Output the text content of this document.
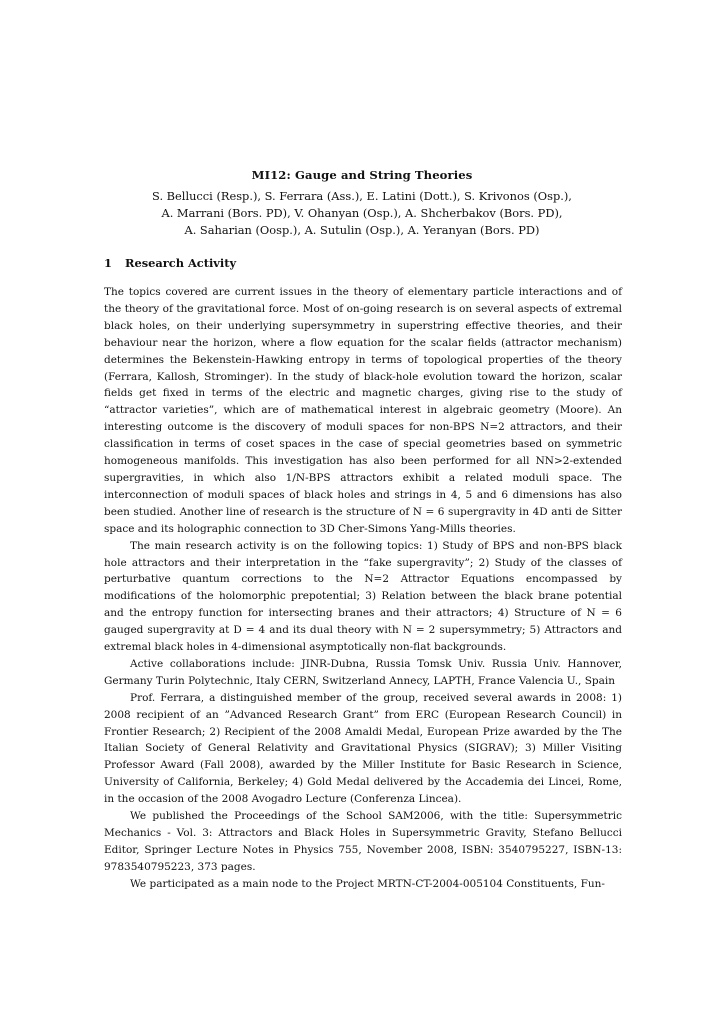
MI12: Gauge and String Theories
S. Bellucci (Resp.), S. Ferrara (Ass.), E. Latini (Dott.), S. Krivonos (Osp.),
A. Marrani (Bors. PD), V. Ohanyan (Osp.), A. Shcherbakov (Bors. PD),
A. Saharian (Oosp.), A. Sutulin (Osp.), A. Yeranyan (Bors. PD)
1 Research Activity

The topics covered are current issues in the theory of elementary particle interactions and of the theory of the gravitational force. Most of on-going research is on several aspects of extremal black holes, on their underlying supersymmetry in superstring effective theories, and their behaviour near the horizon, where a flow equation for the scalar fields (attractor mechanism) determines the Bekenstein-Hawking entropy in terms of topological properties of the theory (Ferrara, Kallosh, Strominger). In the study of black-hole evolution toward the horizon, scalar fields get fixed in terms of the electric and magnetic charges, giving rise to the study of “attractor varieties”, which are of mathematical interest in algebraic geometry (Moore). An interesting outcome is the discovery of moduli spaces for non-BPS N=2 attractors, and their classification in terms of coset spaces in the case of special geometries based on symmetric homogeneous manifolds. This investigation has also been performed for all NN>2-extended supergravities, in which also 1/N-BPS attractors exhibit a related moduli space. The interconnection of moduli spaces of black holes and strings in 4, 5 and 6 dimensions has also been studied. Another line of research is the structure of N = 6 supergravity in 4D anti de Sitter space and its holographic connection to 3D Cher-Simons Yang-Mills theories.

The main research activity is on the following topics: 1) Study of BPS and non-BPS black hole attractors and their interpretation in the “fake supergravity”; 2) Study of the classes of perturbative quantum corrections to the N=2 Attractor Equations encompassed by modifications of the holomorphic prepotential; 3) Relation between the black brane potential and the entropy function for intersecting branes and their attractors; 4) Structure of N = 6 gauged supergravity at D = 4 and its dual theory with N = 2 supersymmetry; 5) Attractors and extremal black holes in 4-dimensional asymptotically non-flat backgrounds.

Active collaborations include: JINR-Dubna, Russia Tomsk Univ. Russia Univ. Hannover, Germany Turin Polytechnic, Italy CERN, Switzerland Annecy, LAPTH, France Valencia U., Spain

Prof. Ferrara, a distinguished member of the group, received several awards in 2008: 1) 2008 recipient of an ”Advanced Research Grant” from ERC (European Research Council) in Frontier Research; 2) Recipient of the 2008 Amaldi Medal, European Prize awarded by the The Italian Society of General Relativity and Gravitational Physics (SIGRAV); 3) Miller Visiting Professor Award (Fall 2008), awarded by the Miller Institute for Basic Research in Science, University of California, Berkeley; 4) Gold Medal delivered by the Accademia dei Lincei, Rome, in the occasion of the 2008 Avogadro Lecture (Conferenza Lincea).

We published the Proceedings of the School SAM2006, with the title: Supersymmetric Mechanics - Vol. 3: Attractors and Black Holes in Supersymmetric Gravity, Stefano Bellucci Editor, Springer Lecture Notes in Physics 755, November 2008, ISBN: 3540795227, ISBN-13: 9783540795223, 373 pages.

We participated as a main node to the Project MRTN-CT-2004-005104 Constituents, Fun-
